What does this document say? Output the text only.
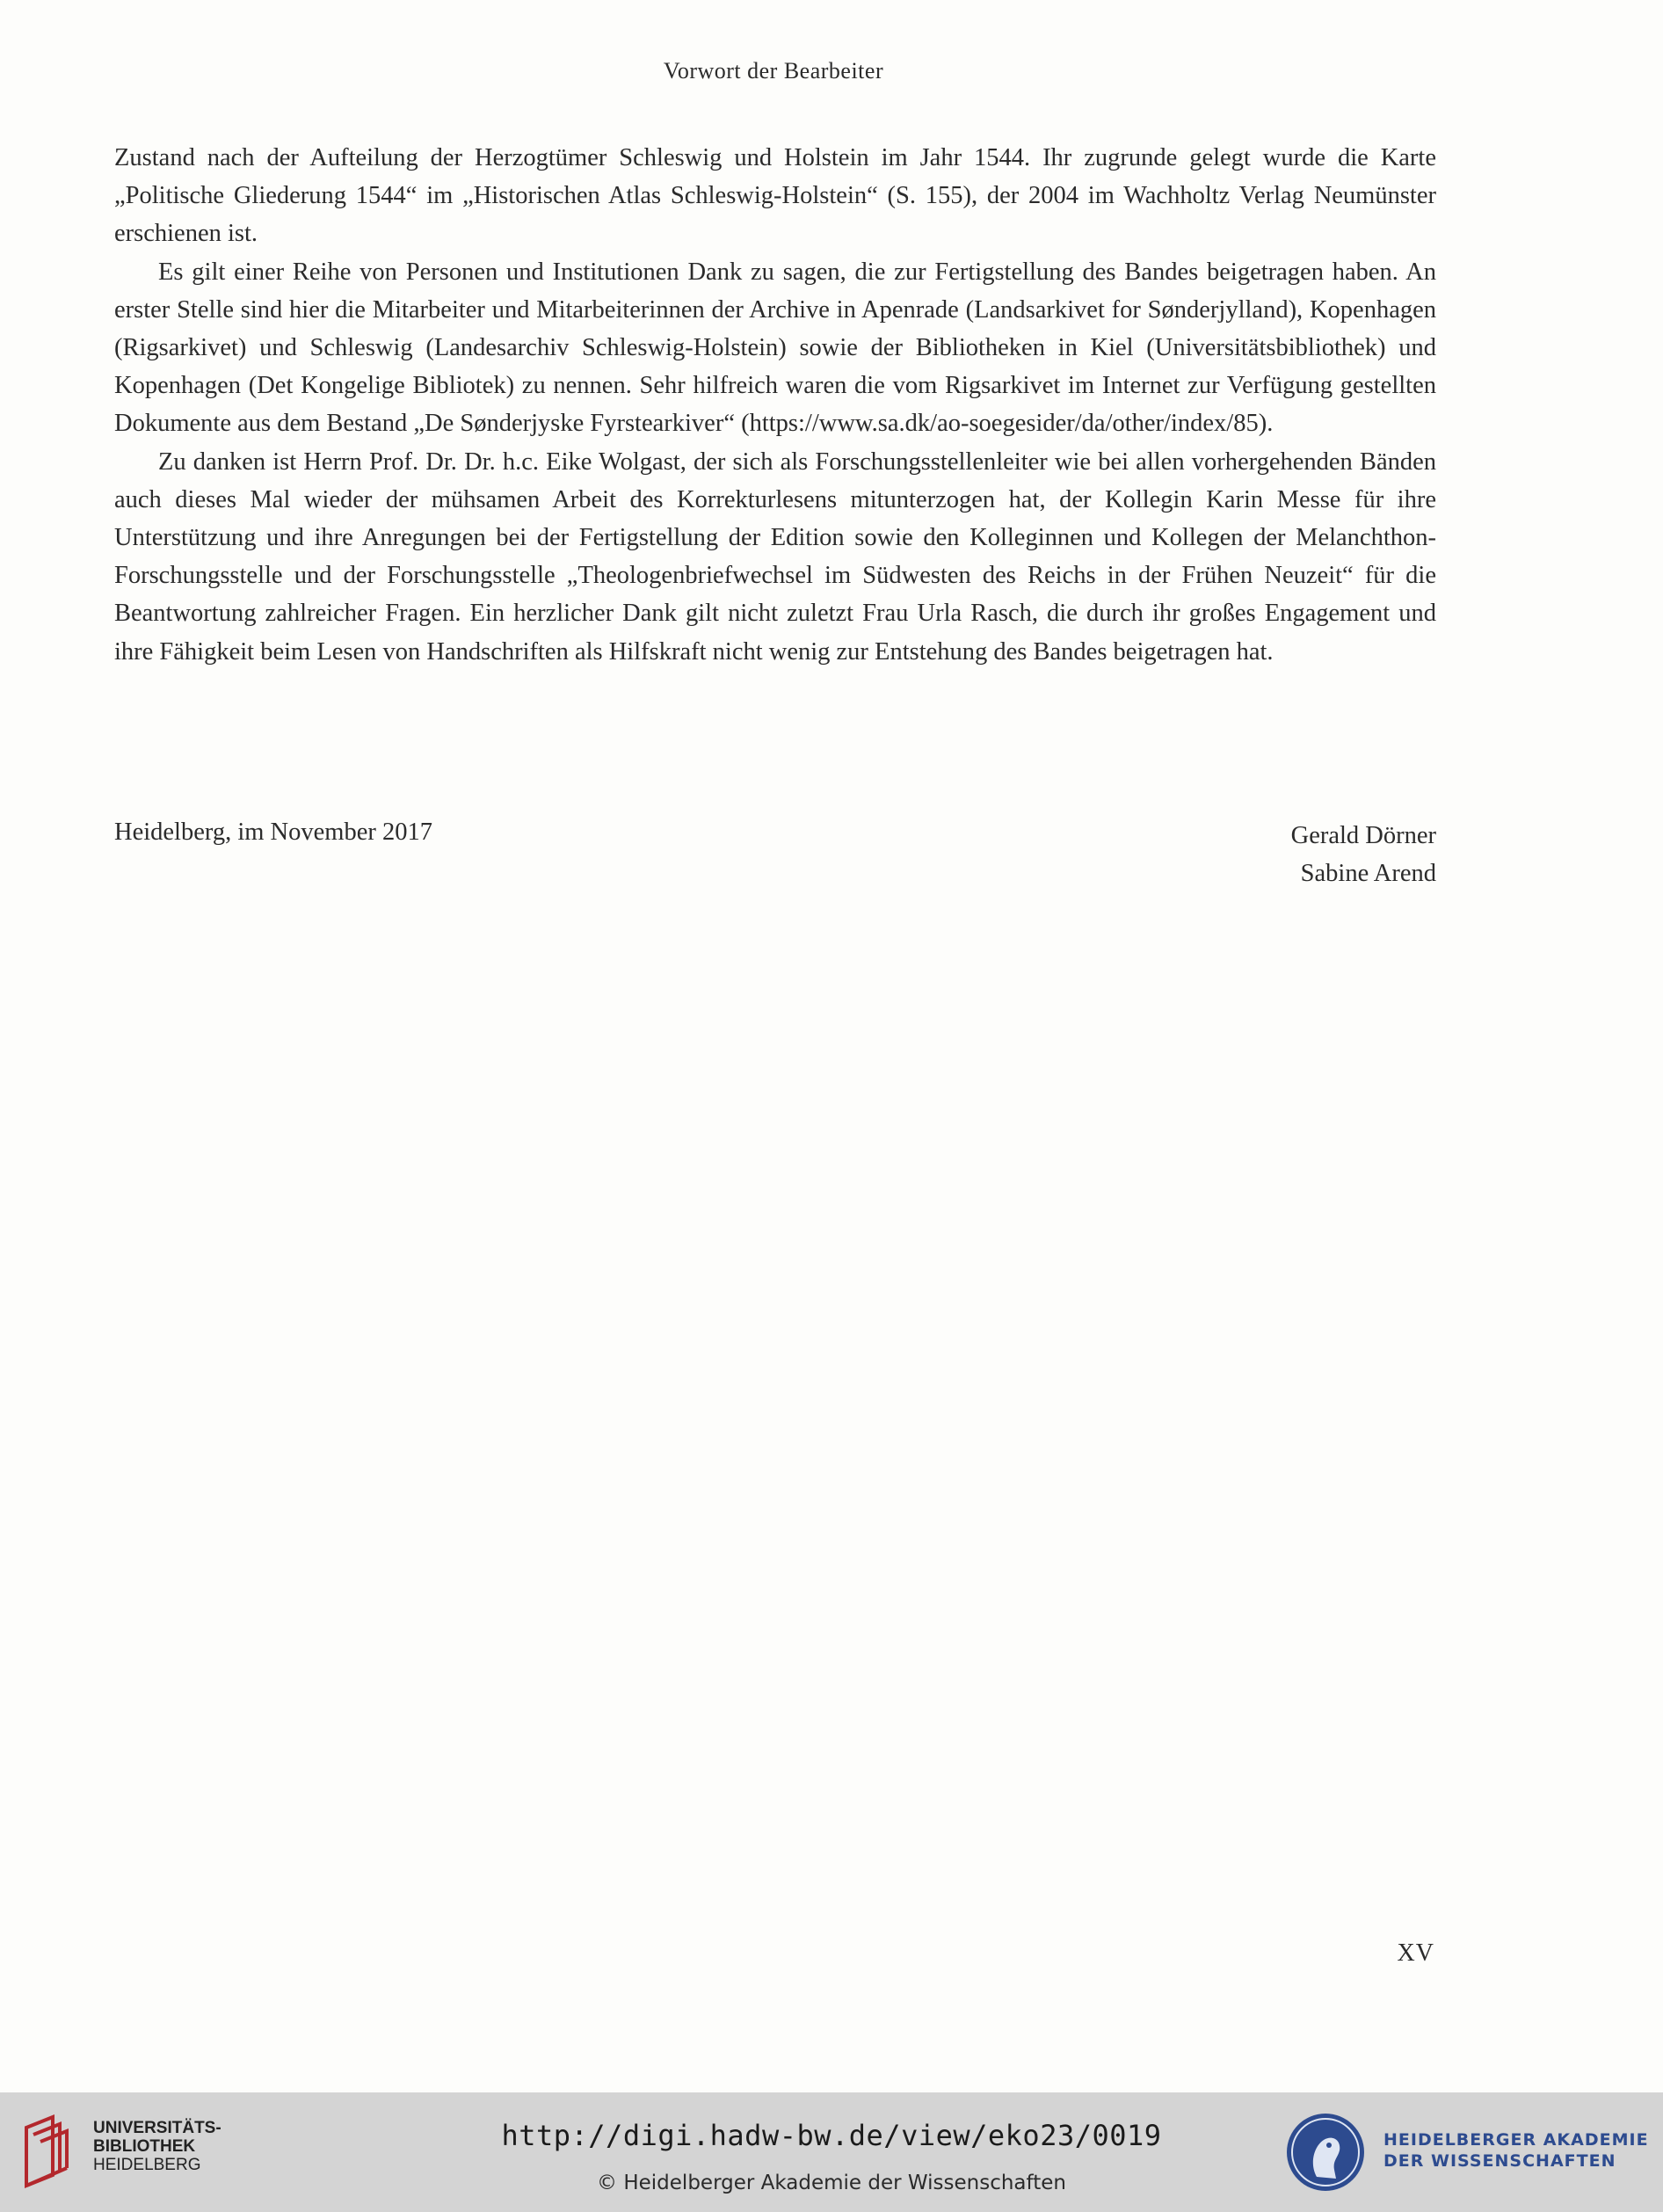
Vorwort der Bearbeiter

Zustand nach der Aufteilung der Herzogtümer Schleswig und Holstein im Jahr 1544. Ihr zugrunde gelegt wurde die Karte „Politische Gliederung 1544“ im „Historischen Atlas Schleswig-Holstein“ (S. 155), der 2004 im Wachholtz Verlag Neumünster erschienen ist.

Es gilt einer Reihe von Personen und Institutionen Dank zu sagen, die zur Fertigstellung des Bandes beigetragen haben. An erster Stelle sind hier die Mitarbeiter und Mitarbeiterinnen der Archive in Apenrade (Landsarkivet for Sønderjylland), Kopenhagen (Rigsarkivet) und Schleswig (Landesarchiv Schleswig-Holstein) sowie der Bibliotheken in Kiel (Universitätsbibliothek) und Kopenhagen (Det Kongelige Bibliotek) zu nennen. Sehr hilfreich waren die vom Rigsarkivet im Internet zur Verfügung gestellten Dokumente aus dem Bestand „De Sønderjyske Fyrstearkiver“ (https://www.sa.dk/ao-soegesider/da/other/index/85).

Zu danken ist Herrn Prof. Dr. Dr. h.c. Eike Wolgast, der sich als Forschungsstellenleiter wie bei allen vorhergehenden Bänden auch dieses Mal wieder der mühsamen Arbeit des Korrekturlesens mitunterzogen hat, der Kollegin Karin Messe für ihre Unterstützung und ihre Anregungen bei der Fertigstellung der Edition sowie den Kolleginnen und Kollegen der Melanchthon-Forschungsstelle und der Forschungsstelle „Theologenbriefwechsel im Südwesten des Reichs in der Frühen Neuzeit“ für die Beantwortung zahlreicher Fragen. Ein herzlicher Dank gilt nicht zuletzt Frau Urla Rasch, die durch ihr großes Engagement und ihre Fähigkeit beim Lesen von Handschriften als Hilfskraft nicht wenig zur Entstehung des Bandes beigetragen hat.

Heidelberg, im November 2017	Gerald Dörner
Sabine Arend
XV
UNIVERSITÄTS-
BIBLIOTHEK
HEIDELBERG
http://digi.hadw-bw.de/view/eko23/0019
© Heidelberger Akademie der Wissenschaften
HEIDELBERGER AKADEMIE
DER WISSENSCHAFTEN
